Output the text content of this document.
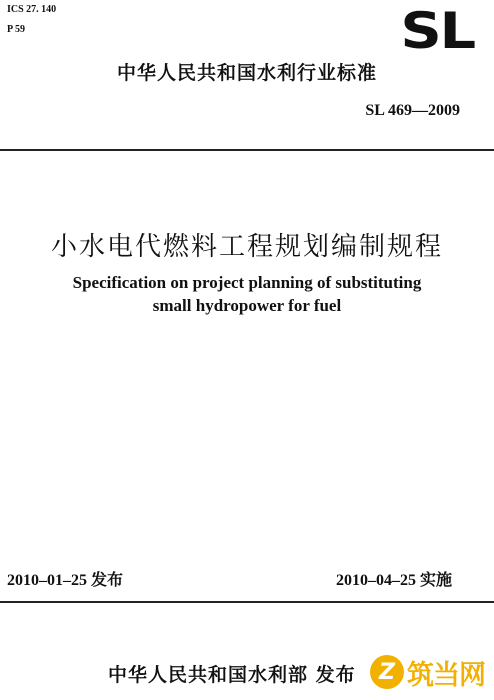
ICS 27. 140
P 59	SL
中华人民共和国水利行业标准
SL 469—2009
小水电代燃料工程规划编制规程
Specification on project planning of substituting
small hydropower for fuel
2010–01–25 发布	2010–04–25 实施
中华人民共和国水利部 发布	Z 筑当网
